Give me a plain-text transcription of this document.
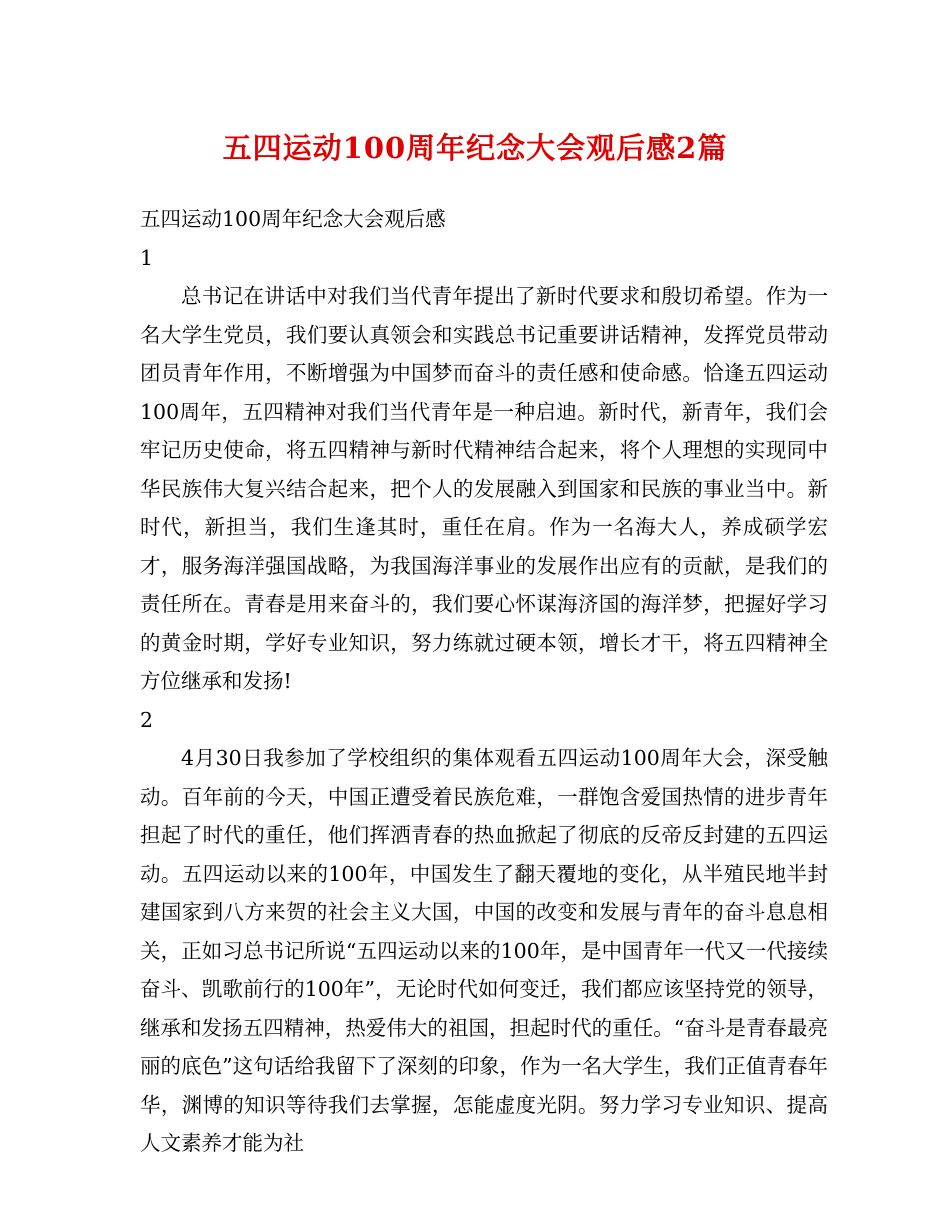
五四运动100周年纪念大会观后感2篇

五四运动100周年纪念大会观后感

1

总书记在讲话中对我们当代青年提出了新时代要求和殷切希望。作为一名大学生党员，我们要认真领会和实践总书记重要讲话精神，发挥党员带动团员青年作用，不断增强为中国梦而奋斗的责任感和使命感。恰逢五四运动100周年，五四精神对我们当代青年是一种启迪。新时代，新青年，我们会牢记历史使命，将五四精神与新时代精神结合起来，将个人理想的实现同中华民族伟大复兴结合起来，把个人的发展融入到国家和民族的事业当中。新时代，新担当，我们生逢其时，重任在肩。作为一名海大人，养成硕学宏才，服务海洋强国战略，为我国海洋事业的发展作出应有的贡献，是我们的责任所在。青春是用来奋斗的，我们要心怀谋海济国的海洋梦，把握好学习的黄金时期，学好专业知识，努力练就过硬本领，增长才干，将五四精神全方位继承和发扬!

2

4月30日我参加了学校组织的集体观看五四运动100周年大会，深受触动。百年前的今天，中国正遭受着民族危难，一群饱含爱国热情的进步青年担起了时代的重任，他们挥洒青春的热血掀起了彻底的反帝反封建的五四运动。五四运动以来的100年，中国发生了翻天覆地的变化，从半殖民地半封建国家到八方来贺的社会主义大国，中国的改变和发展与青年的奋斗息息相关，正如习总书记所说“五四运动以来的100年，是中国青年一代又一代接续奋斗、凯歌前行的100年”，无论时代如何变迁，我们都应该坚持党的领导，继承和发扬五四精神，热爱伟大的祖国，担起时代的重任。“奋斗是青春最亮丽的底色”这句话给我留下了深刻的印象，作为一名大学生，我们正值青春年华，渊博的知识等待我们去掌握，怎能虚度光阴。努力学习专业知识、提高人文素养才能为社
